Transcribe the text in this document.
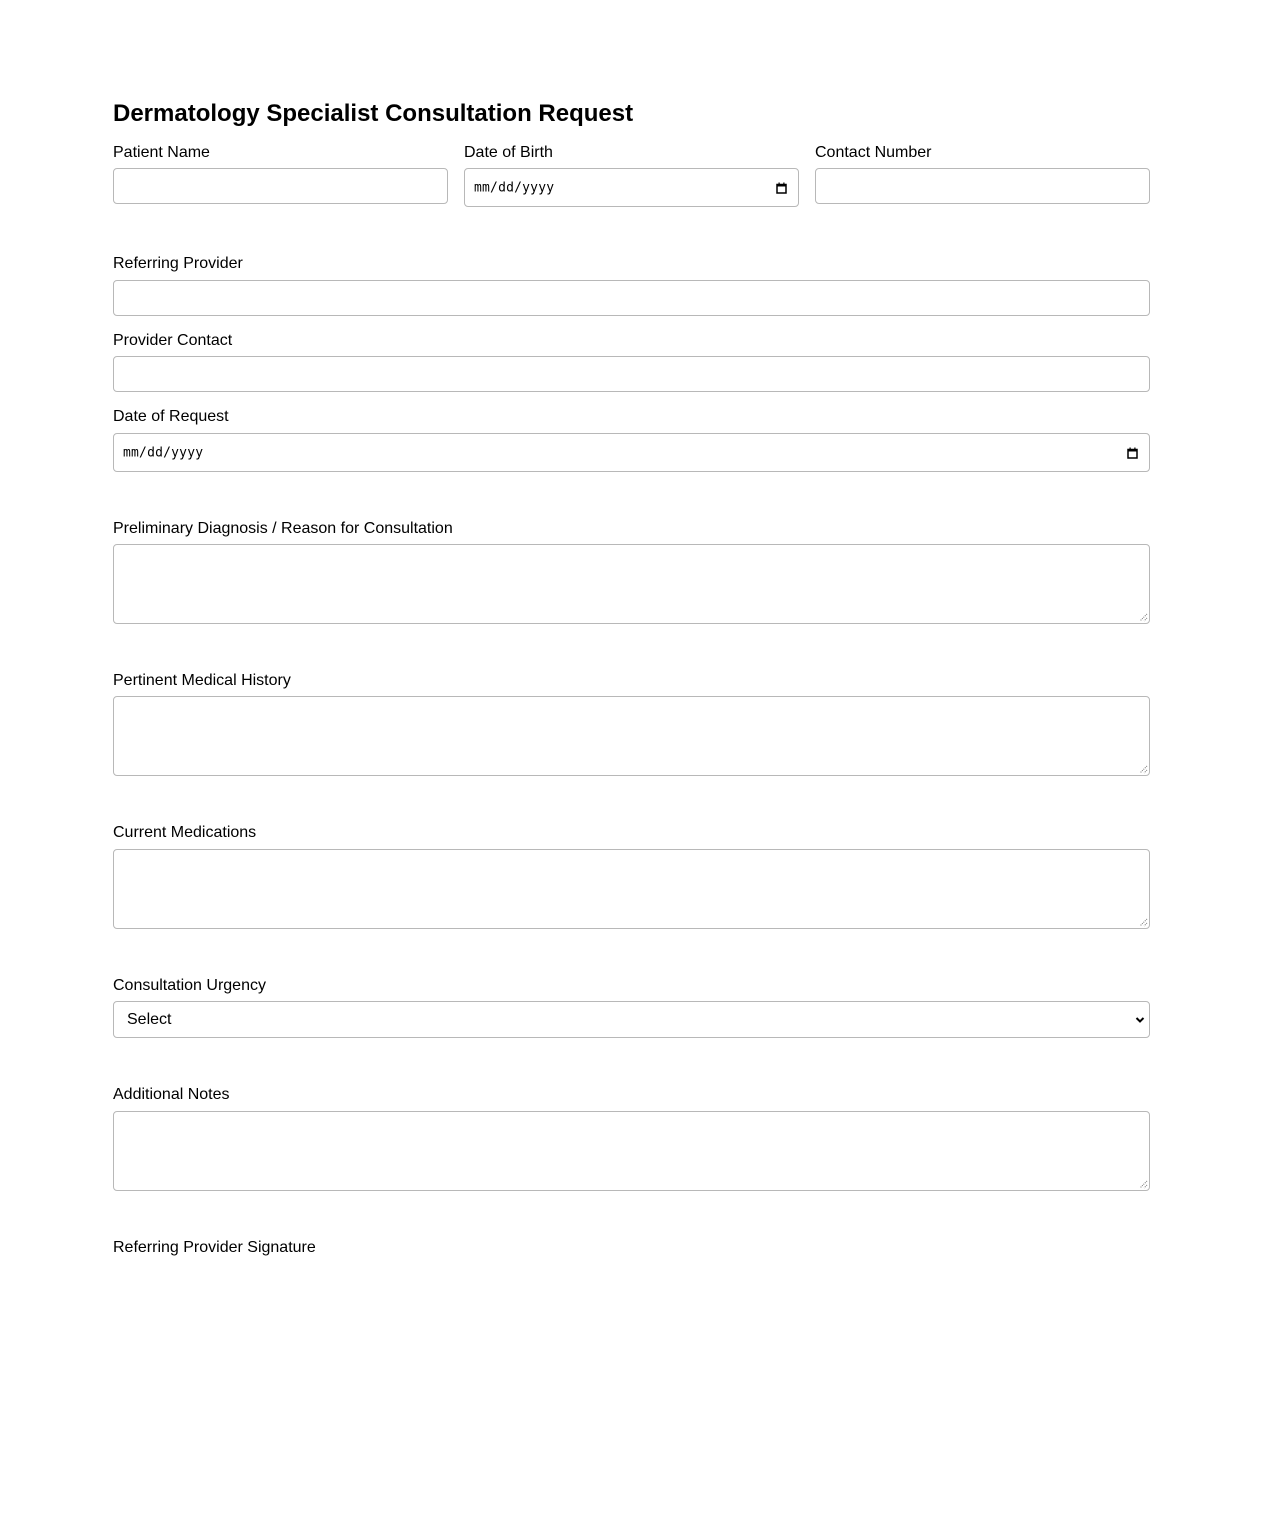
Dermatology Specialist Consultation Request
Patient Name	Date of Birth
mm/dd/yyyy
Contact Number
Referring Provider
Provider Contact
Date of Request
mm/dd/yyyy
Preliminary Diagnosis / Reason for Consultation
Pertinent Medical History
Current Medications
Consultation Urgency
Select
Additional Notes
Referring Provider Signature
